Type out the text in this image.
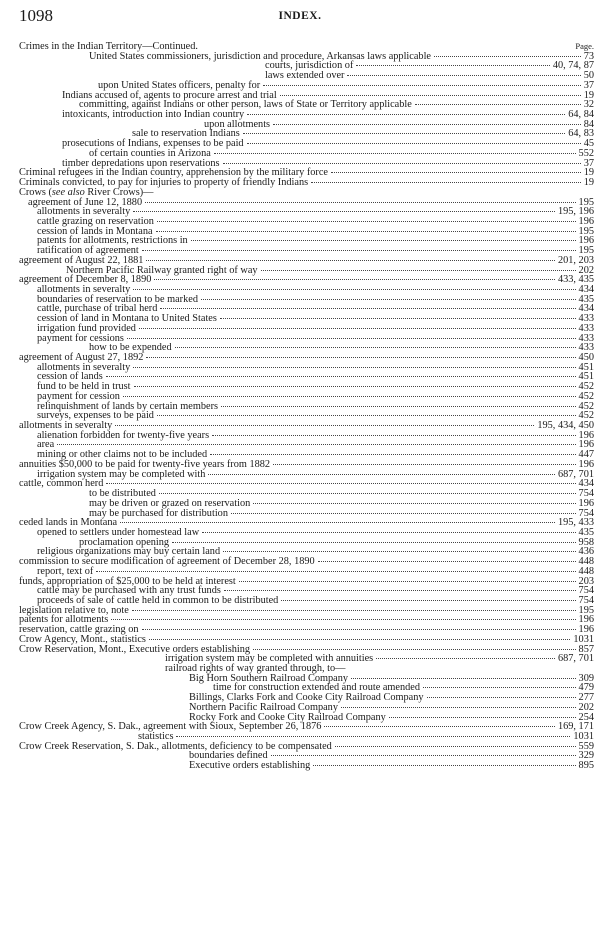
1098	INDEX.
Crimes in the Indian Territory—Continued.	Page.
United States commissioners, jurisdiction and procedure, Arkansas laws applicable	73
courts, jurisdiction of	40, 74, 87
laws extended over	50
upon United States officers, penalty for	37
Indians accused of, agents to procure arrest and trial	19
committing, against Indians or other person, laws of State or Territory applicable	32
intoxicants, introduction into Indian country	64, 84
upon allotments	84
sale to reservation Indians	64, 83
prosecutions of Indians, expenses to be paid	45
of certain counties in Arizona	552
timber depredations upon reservations	37
Criminal refugees in the Indian country, apprehension by the military force	19
Criminals convicted, to pay for injuries to property of friendly Indians	19
Crows (see also River Crows)—
agreement of June 12, 1880	195
allotments in severalty	195, 196
cattle grazing on reservation	196
cession of lands in Montana	195
patents for allotments, restrictions in	196
ratification of agreement	195
agreement of August 22, 1881	201, 203
Northern Pacific Railway granted right of way	202
agreement of December 8, 1890	433, 435
allotments in severalty	434
boundaries of reservation to be marked	435
cattle, purchase of tribal herd	434
cession of land in Montana to United States	433
irrigation fund provided	433
payment for cessions	433
how to be expended	433
agreement of August 27, 1892	450
allotments in severalty	451
cession of lands	451
fund to be held in trust	452
payment for cession	452
relinquishment of lands by certain members	452
surveys, expenses to be paid	452
allotments in severalty	195, 434, 450
alienation forbidden for twenty-five years	196
area	196
mining or other claims not to be included	447
annuities $50,000 to be paid for twenty-five years from 1882	196
irrigation system may be completed with	687, 701
cattle, common herd	434
to be distributed	754
may be driven or grazed on reservation	196
may be purchased for distribution	754
ceded lands in Montana	195, 433
opened to settlers under homestead law	435
proclamation opening	958
religious organizations may buy certain land	436
commission to secure modification of agreement of December 28, 1890	448
report, text of	448
funds, appropriation of $25,000 to be held at interest	203
cattle may be purchased with any trust funds	754
proceeds of sale of cattle held in common to be distributed	754
legislation relative to, note	195
patents for allotments	196
reservation, cattle grazing on	196
Crow Agency, Mont., statistics	1031
Crow Reservation, Mont., Executive orders establishing	857
irrigation system may be completed with annuities	687, 701
railroad rights of way granted through, to—
Big Horn Southern Railroad Company	309
time for construction extended and route amended	479
Billings, Clarks Fork and Cooke City Railroad Company	277
Northern Pacific Railroad Company	202
Rocky Fork and Cooke City Railroad Company	254
Crow Creek Agency, S. Dak., agreement with Sioux, September 26, 1876	169, 171
statistics	1031
Crow Creek Reservation, S. Dak., allotments, deficiency to be compensated	559
boundaries defined	329
Executive orders establishing	895
